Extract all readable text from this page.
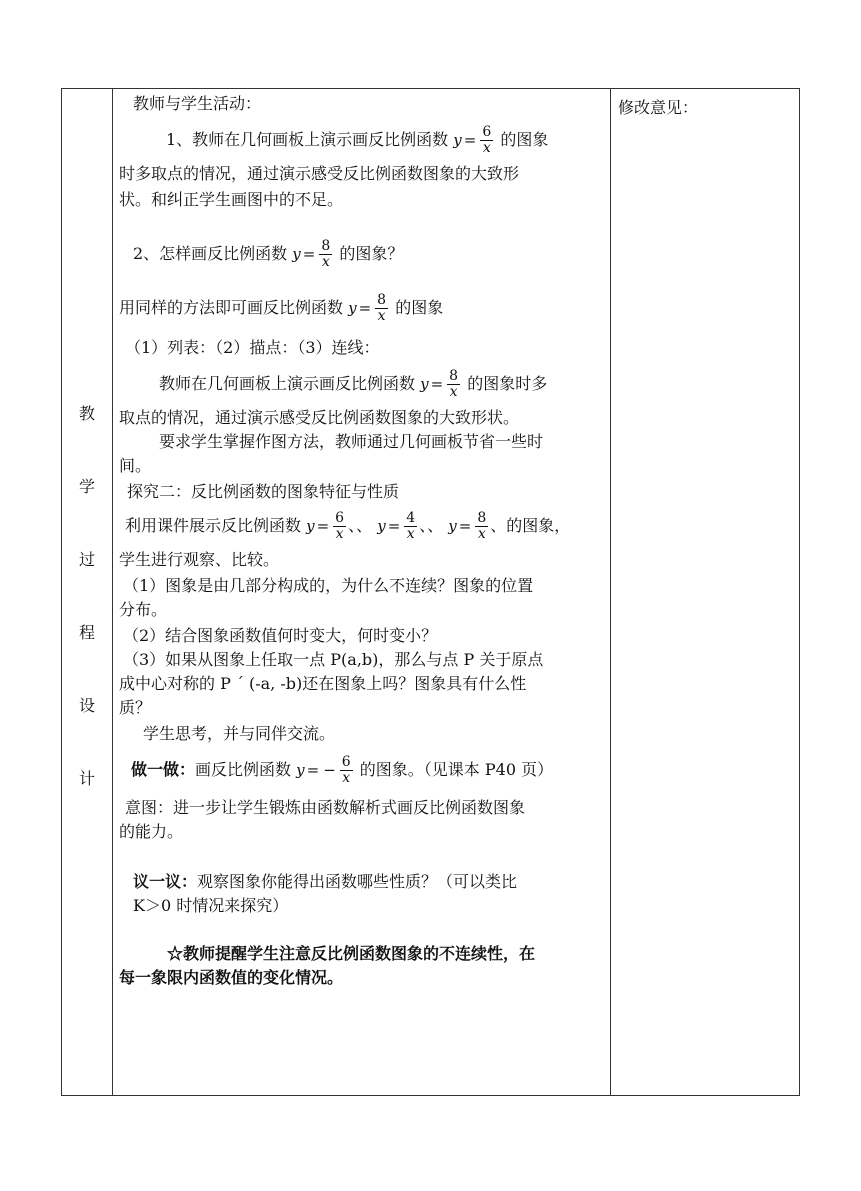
教
学
过
程
设
计
修改意见：
教师与学生活动：
1、教师在几何画板上演示画反比例函数 $y = \frac{6}{x}$ 的图象
时多取点的情况，通过演示感受反比例函数图象的大致形
状。和纠正学生画图中的不足。
2、怎样画反比例函数 $y = \frac{8}{x}$ 的图象？
用同样的方法即可画反比例函数 $y = \frac{8}{x}$ 的图象
（1）列表：（2）描点：（3）连线：
教师在几何画板上演示画反比例函数 $y = \frac{8}{x}$ 的图象时多
取点的情况，通过演示感受反比例函数图象的大致形状。
要求学生掌握作图方法，教师通过几何画板节省一些时
间。
探究二：反比例函数的图象特征与性质
利用课件展示反比例函数 $y = \frac{6}{x}$ 、、 $y = \frac{4}{x}$ 、、 $y = \frac{8}{x}$ 、的图象，
学生进行观察、比较。
（1）图象是由几部分构成的，为什么不连续？图象的位置
分布。
（2）结合图象函数值何时变大，何时变小？
（3）如果从图象上任取一点 P(a,b)，那么与点 P 关于原点
成中心对称的 P ´ (-a, -b)还在图象上吗？图象具有什么性
质？
学生思考，并与同伴交流。
做一做：画反比例函数 y = − $\frac{6}{x}$ 的图象。（见课本 P40 页）
意图：进一步让学生锻炼由函数解析式画反比例函数图象
的能力。
议一议：观察图象你能得出函数哪些性质？（可以类比
K＞0 时情况来探究）
☆教师提醒学生注意反比例函数图象的不连续性，在
每一象限内函数值的变化情况。
